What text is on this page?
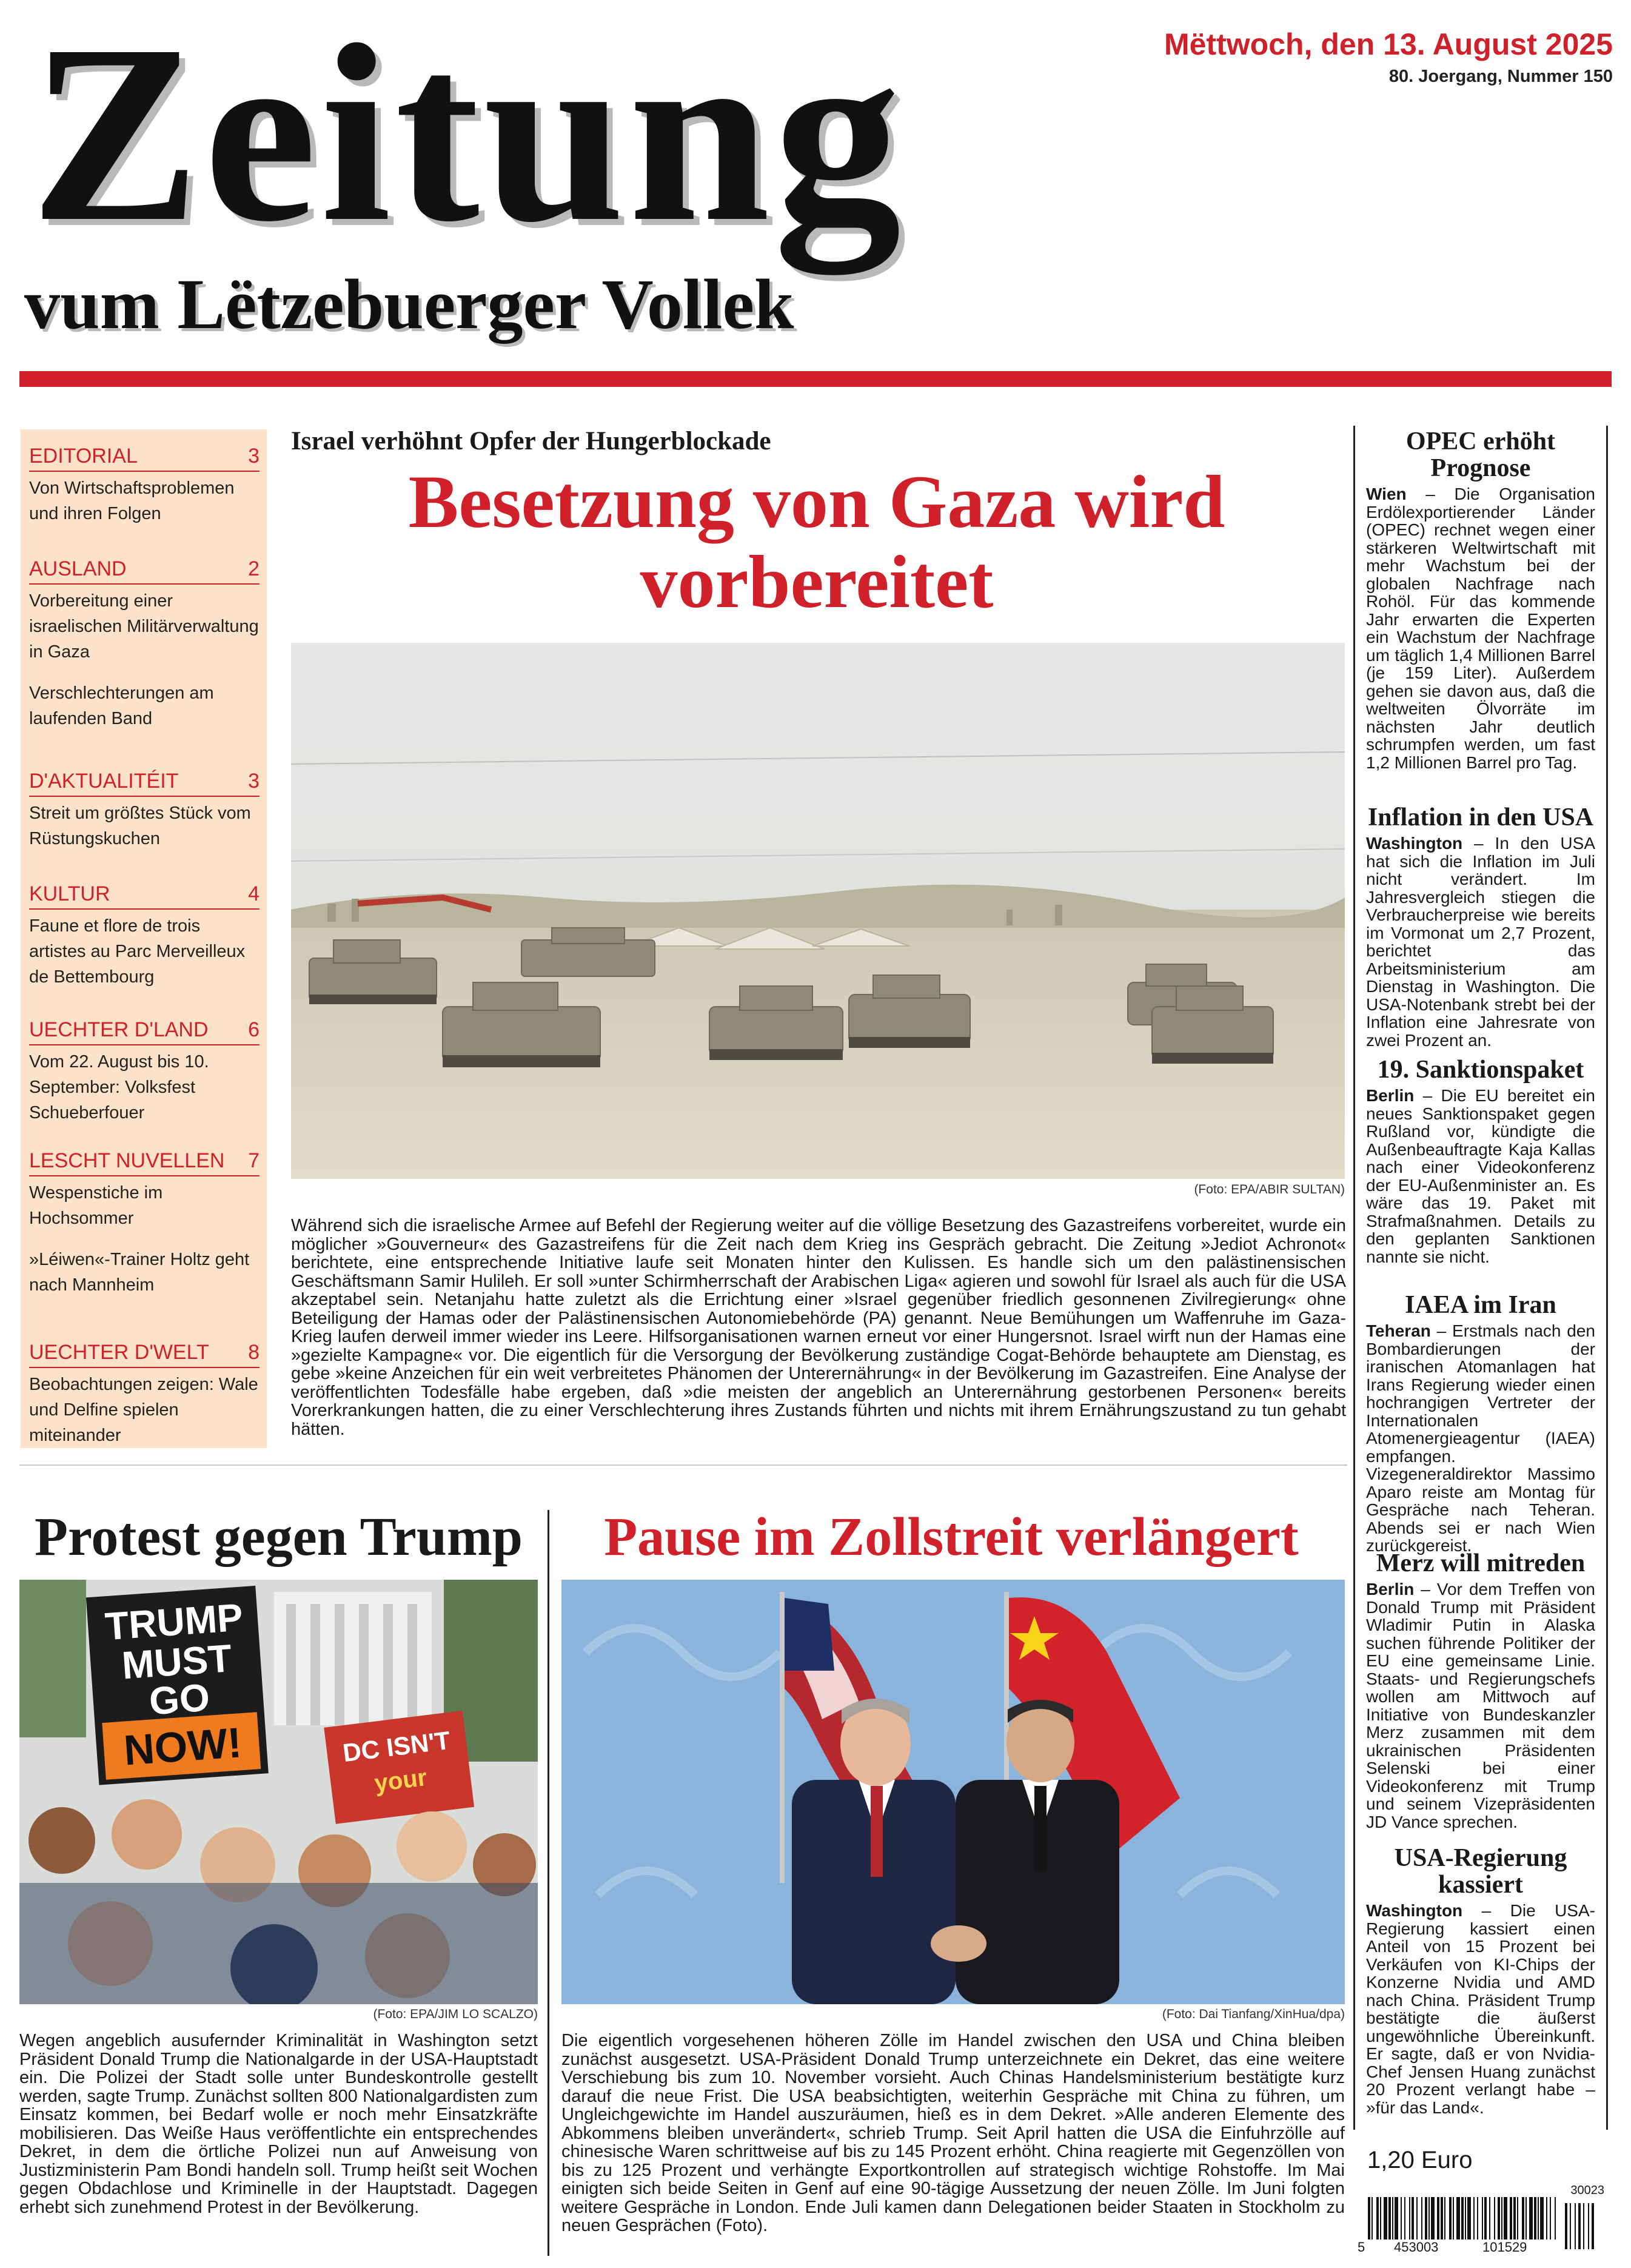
Zeitung
vum Lëtzebuerger Vollek
Mëttwoch, den 13. August 2025
80. Joergang, Nummer 150
EDITORIAL	3
Von Wirtschaftsproblemen und ihren Folgen
AUSLAND	2
Vorbereitung einer israelischen Militärverwaltung in Gaza
Verschlechterungen am laufenden Band
D'AKTUALITÉIT	3
Streit um größtes Stück vom Rüstungskuchen
KULTUR	4
Faune et flore de trois artistes au Parc Merveilleux de Bettembourg
UECHTER D'LAND 6
Vom 22. August bis 10. September: Volksfest Schueberfouer
LESCHT NUVELLEN 7
Wespenstiche im Hochsommer
»Léiwen«-Trainer Holtz geht nach Mannheim
UECHTER D'WELT 8
Beobachtungen zeigen: Wale und Delfine spielen miteinander
Israel verhöhnt Opfer der Hungerblockade
Besetzung von Gaza wird vorbereitet
(Foto: EPA/ABIR SULTAN)
Während sich die israelische Armee auf Befehl der Regierung weiter auf die völlige Besetzung des Gazastreifens vorbereitet, wurde ein möglicher »Gouverneur« des Gazastreifens für die Zeit nach dem Krieg ins Gespräch gebracht. Die Zeitung »Jediot Achronot« berichtete, eine entsprechende Initiative laufe seit Monaten hinter den Kulissen. Es handle sich um den palästinensischen Geschäftsmann Samir Hulileh. Er soll »unter Schirmherrschaft der Arabischen Liga« agieren und sowohl für Israel als auch für die USA akzeptabel sein. Netanjahu hatte zuletzt als die Errichtung einer »Israel gegenüber friedlich gesonnenen Zivilregierung« ohne Beteiligung der Hamas oder der Palästinensischen Autonomiebehörde (PA) genannt. Neue Bemühungen um Waffenruhe im Gaza-Krieg laufen derweil immer wieder ins Leere. Hilfsorganisationen warnen erneut vor einer Hungersnot. Israel wirft nun der Hamas eine »gezielte Kampagne« vor. Die eigentlich für die Versorgung der Bevölkerung zuständige Cogat-Behörde behauptete am Dienstag, es gebe »keine Anzeichen für ein weit verbreitetes Phänomen der Unterernährung« in der Bevölkerung im Gazastreifen. Eine Analyse der veröffentlichten Todesfälle habe ergeben, daß »die meisten der angeblich an Unterernährung gestorbenen Personen« bereits Vorerkrankungen hatten, die zu einer Verschlechterung ihres Zustands führten und nichts mit ihrem Ernährungszustand zu tun gehabt hätten.
OPEC erhöht Prognose

Wien – Die Organisation Erdölexportierender Länder (OPEC) rechnet wegen einer stärkeren Weltwirtschaft mit mehr Wachstum bei der globalen Nachfrage nach Rohöl. Für das kommende Jahr erwarten die Experten ein Wachstum der Nachfrage um täglich 1,4 Millionen Barrel (je 159 Liter). Außerdem gehen sie davon aus, daß die weltweiten Ölvorräte im nächsten Jahr deutlich schrumpfen werden, um fast 1,2 Millionen Barrel pro Tag.

Inflation in den USA

Washington – In den USA hat sich die Inflation im Juli nicht verändert. Im Jahresvergleich stiegen die Verbraucherpreise wie bereits im Vormonat um 2,7 Prozent, berichtet das Arbeitsministerium am Dienstag in Washington. Die USA-Notenbank strebt bei der Inflation eine Jahresrate von zwei Prozent an.

19. Sanktionspaket

Berlin – Die EU bereitet ein neues Sanktionspaket gegen Rußland vor, kündigte die Außenbeauftragte Kaja Kallas nach einer Videokonferenz der EU-Außenminister an. Es wäre das 19. Paket mit Strafmaßnahmen. Details zu den geplanten Sanktionen nannte sie nicht.

IAEA im Iran

Teheran – Erstmals nach den Bombardierungen der iranischen Atomanlagen hat Irans Regierung wieder einen hochrangigen Vertreter der Internationalen Atomenergieagentur (IAEA) empfangen. Vizegeneraldirektor Massimo Aparo reiste am Montag für Gespräche nach Teheran. Abends sei er nach Wien zurückgereist.

Merz will mitreden

Berlin – Vor dem Treffen von Donald Trump mit Präsident Wladimir Putin in Alaska suchen führende Politiker der EU eine gemeinsame Linie. Staats- und Regierungschefs wollen am Mittwoch auf Initiative von Bundeskanzler Merz zusammen mit dem ukrainischen Präsidenten Selenski bei einer Videokonferenz mit Trump und seinem Vizepräsidenten JD Vance sprechen.

USA-Regierung kassiert

Washington – Die USA-Regierung kassiert einen Anteil von 15 Prozent bei Verkäufen von KI-Chips der Konzerne Nvidia und AMD nach China. Präsident Trump bestätigte die äußerst ungewöhnliche Übereinkunft. Er sagte, daß er von Nvidia-Chef Jensen Huang zunächst 20 Prozent verlangt habe – »für das Land«.

Protest gegen Trump
TRUMP
MUST
GO
NOW!	DC ISN'T
your
(Foto: EPA/JIM LO SCALZO)
Wegen angeblich ausufernder Kriminalität in Washington setzt Präsident Donald Trump die Nationalgarde in der USA-Hauptstadt ein. Die Polizei der Stadt solle unter Bundeskontrolle gestellt werden, sagte Trump. Zunächst sollten 800 Nationalgardisten zum Einsatz kommen, bei Bedarf wolle er noch mehr Einsatzkräfte mobilisieren. Das Weiße Haus veröffentlichte ein entsprechendes Dekret, in dem die örtliche Polizei nun auf Anweisung von Justizministerin Pam Bondi handeln soll. Trump heißt seit Wochen gegen Obdachlose und Kriminelle in der Hauptstadt. Dagegen erhebt sich zunehmend Protest in der Bevölkerung.
Pause im Zollstreit verlängert
(Foto: Dai Tianfang/XinHua/dpa)
Die eigentlich vorgesehenen höheren Zölle im Handel zwischen den USA und China bleiben zunächst ausgesetzt. USA-Präsident Donald Trump unterzeichnete ein Dekret, das eine weitere Verschiebung bis zum 10. November vorsieht. Auch Chinas Handelsministerium bestätigte kurz darauf die neue Frist. Die USA beabsichtigten, weiterhin Gespräche mit China zu führen, um Ungleichgewichte im Handel auszuräumen, hieß es in dem Dekret. »Alle anderen Elemente des Abkommens bleiben unverändert«, schrieb Trump. Seit April hatten die USA die Einfuhrzölle auf chinesische Waren schrittweise auf bis zu 145 Prozent erhöht. China reagierte mit Gegenzöllen von bis zu 125 Prozent und verhängte Exportkontrollen auf strategisch wichtige Rohstoffe. Im Mai einigten sich beide Seiten in Genf auf eine 90-tägige Aussetzung der neuen Zölle. Im Juni folgten weitere Gespräche in London. Ende Juli kamen dann Delegationen beider Staaten in Stockholm zu neuen Gesprächen (Foto).
1,20 Euro
30023
5 453003	101529
